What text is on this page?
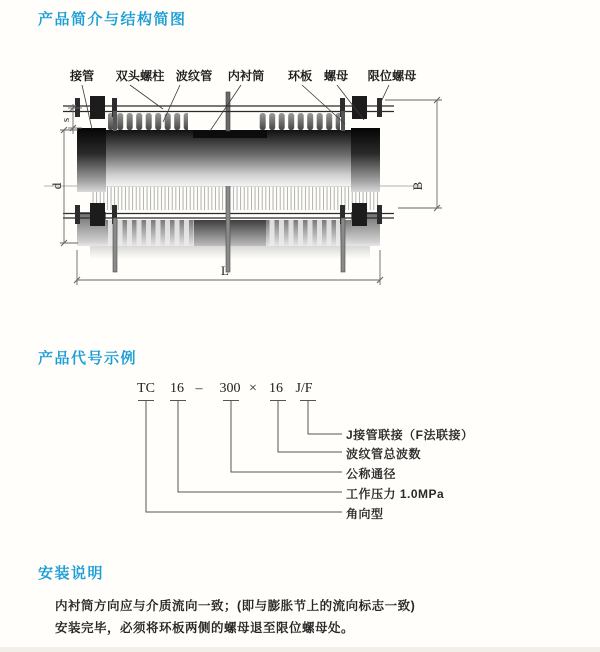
产品简介与结构简图
s
d	B
L
接管 双头螺柱 波纹管 内衬筒 环板 螺母 限位螺母
产品代号示例
TC 16 – 300 × 16 J/F
J接管联接（F法联接）
波纹管总波数
公称通径
工作压力 1.0MPa
角向型
安装说明
内衬筒方向应与介质流向一致；(即与膨胀节上的流向标志一致)
安装完毕，必须将环板两侧的螺母退至限位螺母处。
